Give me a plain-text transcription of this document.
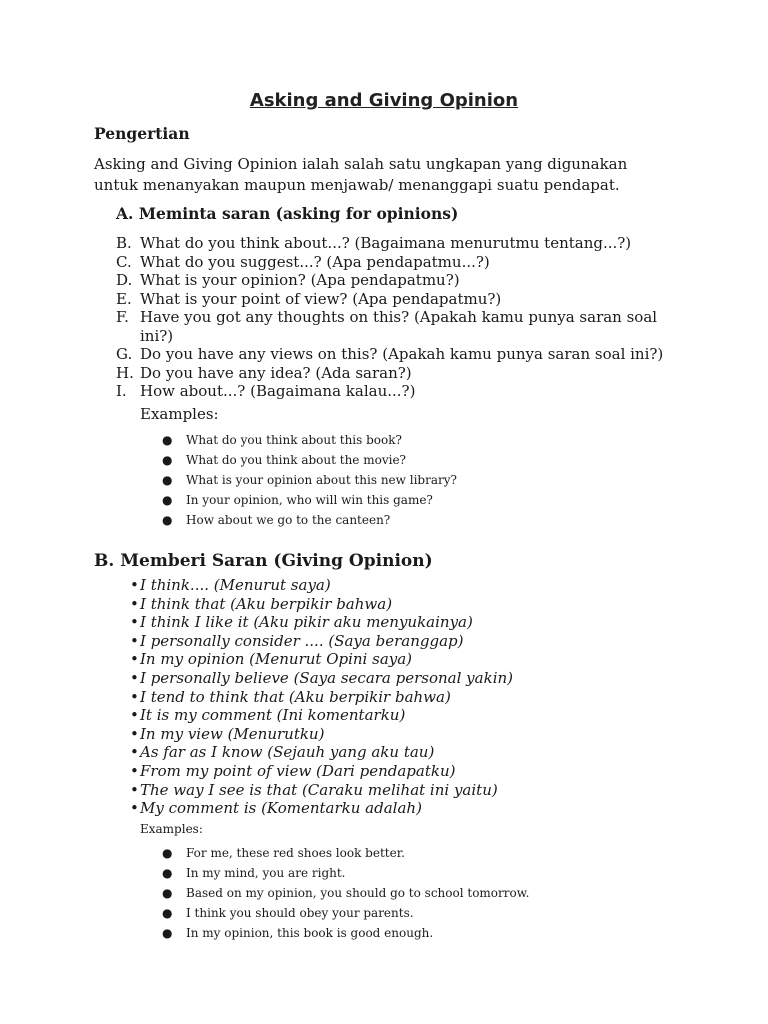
Asking and Giving Opinion
Pengertian
Asking and Giving Opinion ialah salah satu ungkapan yang digunakan untuk menanyakan maupun menjawab/ menanggapi suatu pendapat.
A. Meminta saran (asking for opinions)
B. What do you think about...? (Bagaimana menurutmu tentang...?)
C. What do you suggest...? (Apa pendapatmu...?)
D. What is your opinion? (Apa pendapatmu?)
E. What is your point of view? (Apa pendapatmu?)
F. Have you got any thoughts on this? (Apakah kamu punya saran soal ini?)
G. Do you have any views on this? (Apakah kamu punya saran soal ini?)
H. Do you have any idea? (Ada saran?)
I. How about...? (Bagaimana kalau...?)
Examples:
● What do you think about this book?
● What do you think about the movie?
● What is your opinion about this new library?
● In your opinion, who will win this game?
● How about we go to the canteen?
B. Memberi Saran (Giving Opinion)
• I think.... (Menurut saya)
• I think that (Aku berpikir bahwa)
• I think I like it (Aku pikir aku menyukainya)
• I personally consider .... (Saya beranggap)
• In my opinion (Menurut Opini saya)
• I personally believe (Saya secara personal yakin)
• I tend to think that (Aku berpikir bahwa)
• It is my comment (Ini komentarku)
• In my view (Menurutku)
• As far as I know (Sejauh yang aku tau)
• From my point of view (Dari pendapatku)
• The way I see is that (Caraku melihat ini yaitu)
• My comment is (Komentarku adalah)
Examples:
● For me, these red shoes look better.
● In my mind, you are right.
● Based on my opinion, you should go to school tomorrow.
● I think you should obey your parents.
● In my opinion, this book is good enough.
